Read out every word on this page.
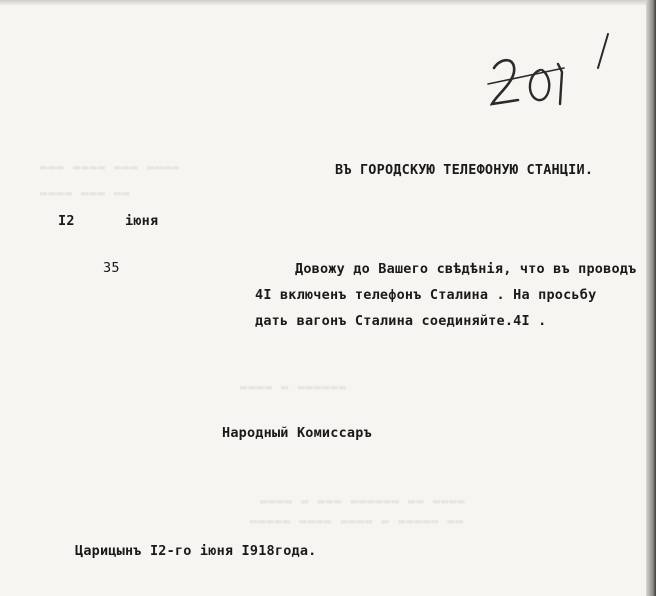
▬▬▬ ▬▬▬▬ ▬▬▬ ▬▬▬▬
▬▬▬▬ ▬▬▬ ▬▬
▬▬▬▬ ▬ ▬▬▬▬▬▬
▬▬▬▬ ▬ ▬▬▬ ▬▬▬▬▬▬ ▬▬ ▬▬▬▬
▬▬▬▬▬ ▬▬▬▬ ▬▬▬▬ ▬ ▬▬▬▬▬ ▬▬
ВЪ ГОРОДСКУЮ ТЕЛЕФОНУЮ СТАНЦІИ.
I2	іюня
35	Довожу до Вашего свѣдѣнія, что въ проводъ
4I включенъ телефонъ Сталина . На просьбу
дать вагонъ Сталина соединяйте.4I .
Народный Комиссаръ
Царицынъ I2-го іюня I918года.
